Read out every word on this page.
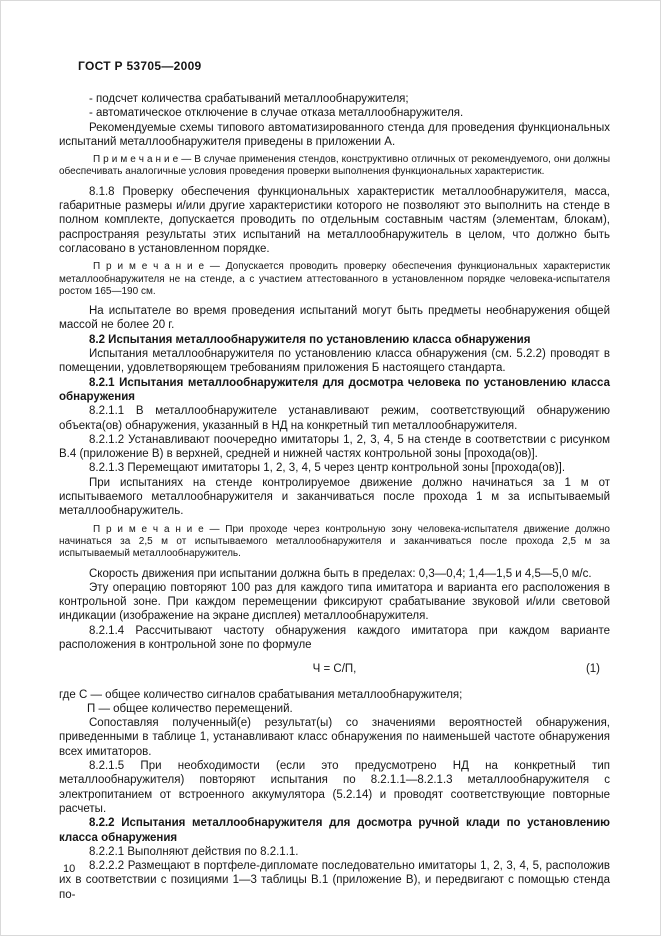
ГОСТ Р 53705—2009

- подсчет количества срабатываний металлообнаружителя;

- автоматическое отключение в случае отказа металлообнаружителя.

Рекомендуемые схемы типового автоматизированного стенда для проведения функциональных испытаний металлообнаружителя приведены в приложении А.

П р и м е ч а н и е — В случае применения стендов, конструктивно отличных от рекомендуемого, они должны обеспечивать аналогичные условия проведения проверки выполнения функциональных характеристик.

8.1.8 Проверку обеспечения функциональных характеристик металлообнаружителя, масса, габаритные размеры и/или другие характеристики которого не позволяют это выполнить на стенде в полном комплекте, допускается проводить по отдельным составным частям (элементам, блокам), распространяя результаты этих испытаний на металлообнаружитель в целом, что должно быть согласовано в установленном порядке.

П р и м е ч а н и е — Допускается проводить проверку обеспечения функциональных характеристик металлообнаружителя не на стенде, а с участием аттестованного в установленном порядке человека-испытателя ростом 165—190 см.

На испытателе во время проведения испытаний могут быть предметы необнаружения общей массой не более 20 г.

8.2 Испытания металлообнаружителя по установлению класса обнаружения

Испытания металлообнаружителя по установлению класса обнаружения (см. 5.2.2) проводят в помещении, удовлетворяющем требованиям приложения Б настоящего стандарта.

8.2.1 Испытания металлообнаружителя для досмотра человека по установлению класса обнаружения

8.2.1.1 В металлообнаружителе устанавливают режим, соответствующий обнаружению объекта(ов) обнаружения, указанный в НД на конкретный тип металлообнаружителя.

8.2.1.2 Устанавливают поочередно имитаторы 1, 2, 3, 4, 5 на стенде в соответствии с рисунком В.4 (приложение В) в верхней, средней и нижней частях контрольной зоны [прохода(ов)].

8.2.1.3 Перемещают имитаторы 1, 2, 3, 4, 5 через центр контрольной зоны [прохода(ов)].

При испытаниях на стенде контролируемое движение должно начинаться за 1 м от испытываемого металлообнаружителя и заканчиваться после прохода 1 м за испытываемый металлообнаружитель.

П р и м е ч а н и е — При проходе через контрольную зону человека-испытателя движение должно начинаться за 2,5 м от испытываемого металлообнаружителя и заканчиваться после прохода 2,5 м за испытываемый металлообнаружитель.

Скорость движения при испытании должна быть в пределах: 0,3—0,4; 1,4—1,5 и 4,5—5,0 м/с.

Эту операцию повторяют 100 раз для каждого типа имитатора и варианта его расположения в контрольной зоне. При каждом перемещении фиксируют срабатывание звуковой и/или световой индикации (изображение на экране дисплея) металлообнаружителя.

8.2.1.4 Рассчитывают частоту обнаружения каждого имитатора при каждом варианте расположения в контрольной зоне по формуле

Ч = С/П,	(1)

где С — общее количество сигналов срабатывания металлообнаружителя;

П — общее количество перемещений.

Сопоставляя полученный(е) результат(ы) со значениями вероятностей обнаружения, приведенными в таблице 1, устанавливают класс обнаружения по наименьшей частоте обнаружения всех имитаторов.

8.2.1.5 При необходимости (если это предусмотрено НД на конкретный тип металлообнаружителя) повторяют испытания по 8.2.1.1—8.2.1.3 металлообнаружителя с электропитанием от встроенного аккумулятора (5.2.14) и проводят соответствующие повторные расчеты.

8.2.2 Испытания металлообнаружителя для досмотра ручной клади по установлению класса обнаружения

8.2.2.1 Выполняют действия по 8.2.1.1.

8.2.2.2 Размещают в портфеле-дипломате последовательно имитаторы 1, 2, 3, 4, 5, расположив их в соответствии с позициями 1—3 таблицы В.1 (приложение В), и передвигают с помощью стенда по-

10
